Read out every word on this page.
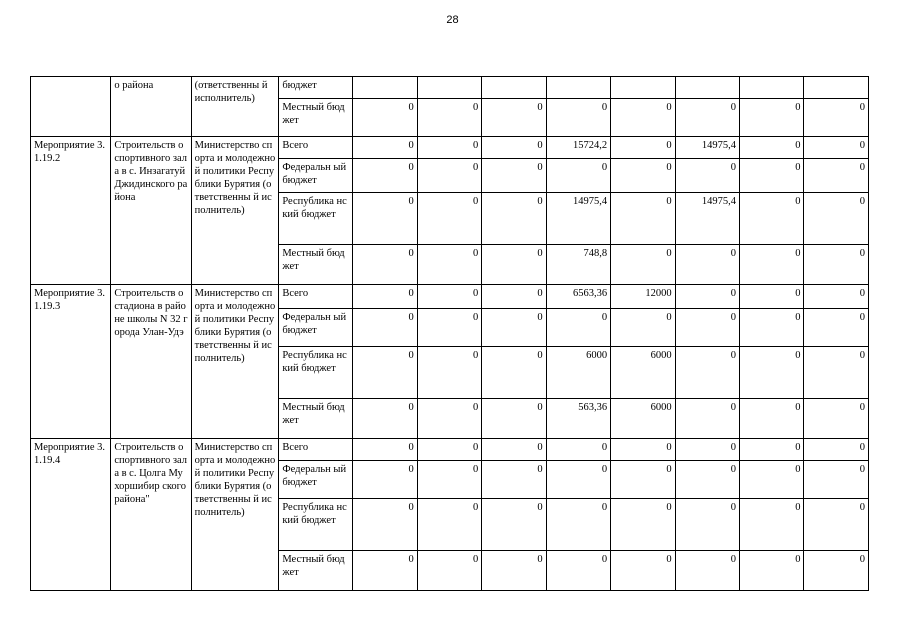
28
	о района	(ответственны й исполнитель)	бюджет								
			Местный бюджет	0	0	0	0	0	0	0	0
Мероприятие 3.1.19.2	Строительств о спортивного зала в с. Инзагатуй Джидинского района	Министерство спорта и молодежной политики Республики Бурятия (ответственны й исполнитель)	Всего	0	0	0	15724,2	0	14975,4	0	0
			Федеральн ый бюджет	0	0	0	0	0	0	0	0
			Республика нский бюджет	0	0	0	14975,4	0	14975,4	0	0
			Местный бюджет	0	0	0	748,8	0	0	0	0
Мероприятие 3.1.19.3	Строительств о стадиона в районе школы N 32 города Улан-Удэ	Министерство спорта и молодежной политики Республики Бурятия (ответственны й исполнитель)	Всего	0	0	0	6563,36	12000	0	0	0
			Федеральн ый бюджет	0	0	0	0	0	0	0	0
			Республика нский бюджет	0	0	0	6000	6000	0	0	0
			Местный бюджет	0	0	0	563,36	6000	0	0	0
Мероприятие 3.1.19.4	Строительств о спортивного зала в с. Цолга Мухоршибир ского района"	Министерство спорта и молодежной политики Республики Бурятия (ответственны й исполнитель)	Всего	0	0	0	0	0	0	0	0
			Федеральн ый бюджет	0	0	0	0	0	0	0	0
			Республика нский бюджет	0	0	0	0	0	0	0	0
			Местный бюджет	0	0	0	0	0	0	0	0
